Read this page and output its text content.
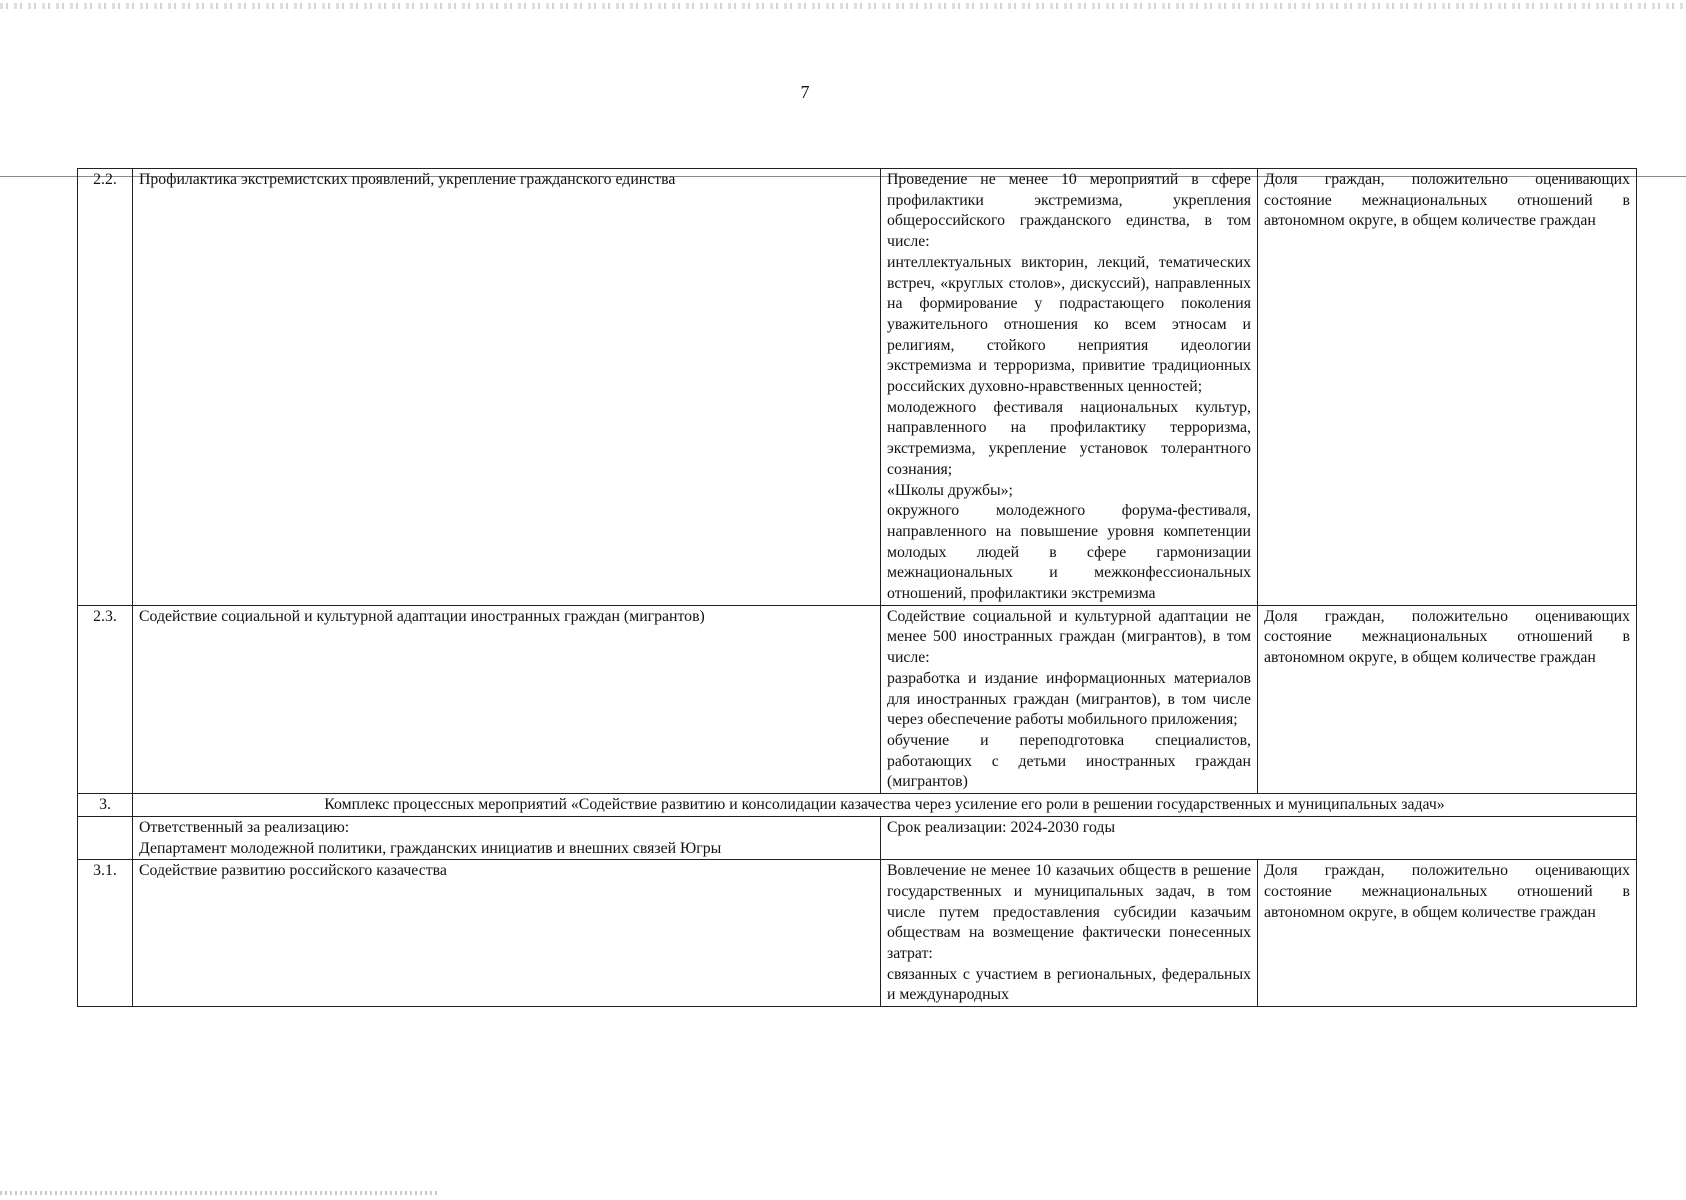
7
2.2.	Профилактика экстремистских проявлений, укрепление гражданского единства	Проведение не менее 10 мероприятий в сфере профилактики экстремизма, укрепления общероссийского гражданского единства, в том числе:
интеллектуальных викторин, лекций, тематических встреч, «круглых столов», дискуссий), направленных на формирование у подрастающего поколения уважительного отношения ко всем этносам и религиям, стойкого неприятия идеологии экстремизма и терроризма, привитие традиционных российских духовно-нравственных ценностей;
молодежного фестиваля национальных культур, направленного на профилактику терроризма, экстремизма, укрепление установок толерантного сознания;
«Школы дружбы»;
окружного молодежного форума-фестиваля, направленного на повышение уровня компетенции молодых людей в сфере гармонизации межнациональных и межконфессиональных отношений, профилактики экстремизма	Доля граждан, положительно оценивающих состояние межнациональных отношений в автономном округе, в общем количестве граждан
2.3.	Содействие социальной и культурной адаптации иностранных граждан (мигрантов)	Содействие социальной и культурной адаптации не менее 500 иностранных граждан (мигрантов), в том числе:
разработка и издание информационных материалов для иностранных граждан (мигрантов), в том числе через обеспечение работы мобильного приложения;
обучение и переподготовка специалистов, работающих с детьми иностранных граждан (мигрантов)	Доля граждан, положительно оценивающих состояние межнациональных отношений в автономном округе, в общем количестве граждан
3.	Комплекс процессных мероприятий «Содействие развитию и консолидации казачества через усиление его роли в решении государственных и муниципальных задач»		

	Ответственный за реализацию:
Департамент молодежной политики, гражданских инициатив и внешних связей Югры	Срок реализации: 2024-2030 годы	
3.1.	Содействие развитию российского казачества	Вовлечение не менее 10 казачьих обществ в решение государственных и муниципальных задач, в том числе путем предоставления субсидии казачьим обществам на возмещение фактически понесенных затрат:
связанных с участием в региональных, федеральных и международных	Доля граждан, положительно оценивающих состояние межнациональных отношений в автономном округе, в общем количестве граждан
